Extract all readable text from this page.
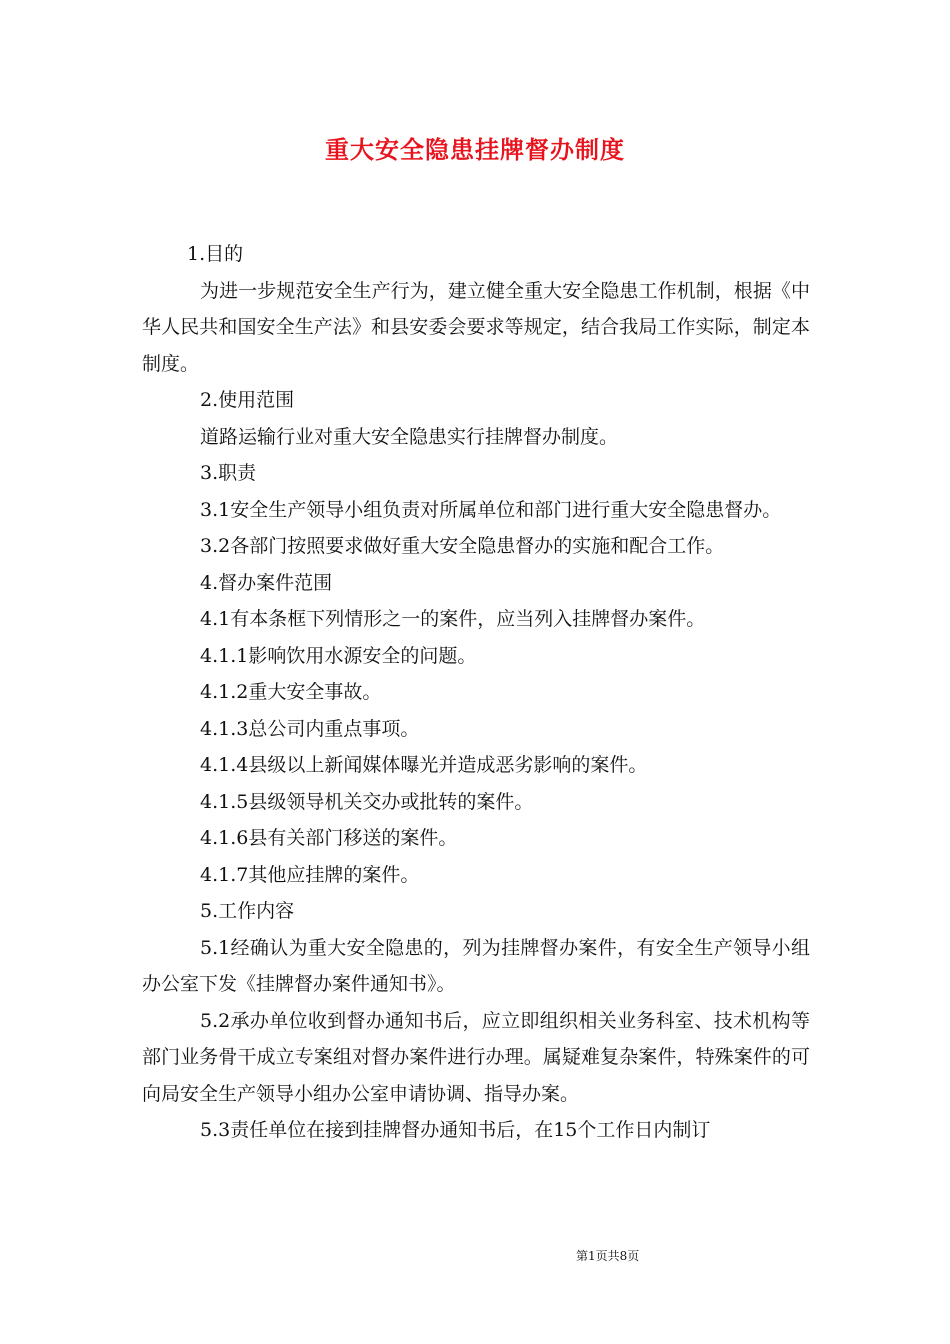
重大安全隐患挂牌督办制度

1.目的

为进一步规范安全生产行为，建立健全重大安全隐患工作机制，根据《中华人民共和国安全生产法》和县安委会要求等规定，结合我局工作实际，制定本制度。

2.使用范围

道路运输行业对重大安全隐患实行挂牌督办制度。

3.职责

3.1安全生产领导小组负责对所属单位和部门进行重大安全隐患督办。

3.2各部门按照要求做好重大安全隐患督办的实施和配合工作。

4.督办案件范围

4.1有本条框下列情形之一的案件，应当列入挂牌督办案件。

4.1.1影响饮用水源安全的问题。

4.1.2重大安全事故。

4.1.3总公司内重点事项。

4.1.4县级以上新闻媒体曝光并造成恶劣影响的案件。

4.1.5县级领导机关交办或批转的案件。

4.1.6县有关部门移送的案件。

4.1.7其他应挂牌的案件。

5.工作内容

5.1经确认为重大安全隐患的，列为挂牌督办案件，有安全生产领导小组办公室下发《挂牌督办案件通知书》。

5.2承办单位收到督办通知书后，应立即组织相关业务科室、技术机构等部门业务骨干成立专案组对督办案件进行办理。属疑难复杂案件，特殊案件的可向局安全生产领导小组办公室申请协调、指导办案。

5.3责任单位在接到挂牌督办通知书后，在15个工作日内制订

第1页共8页
